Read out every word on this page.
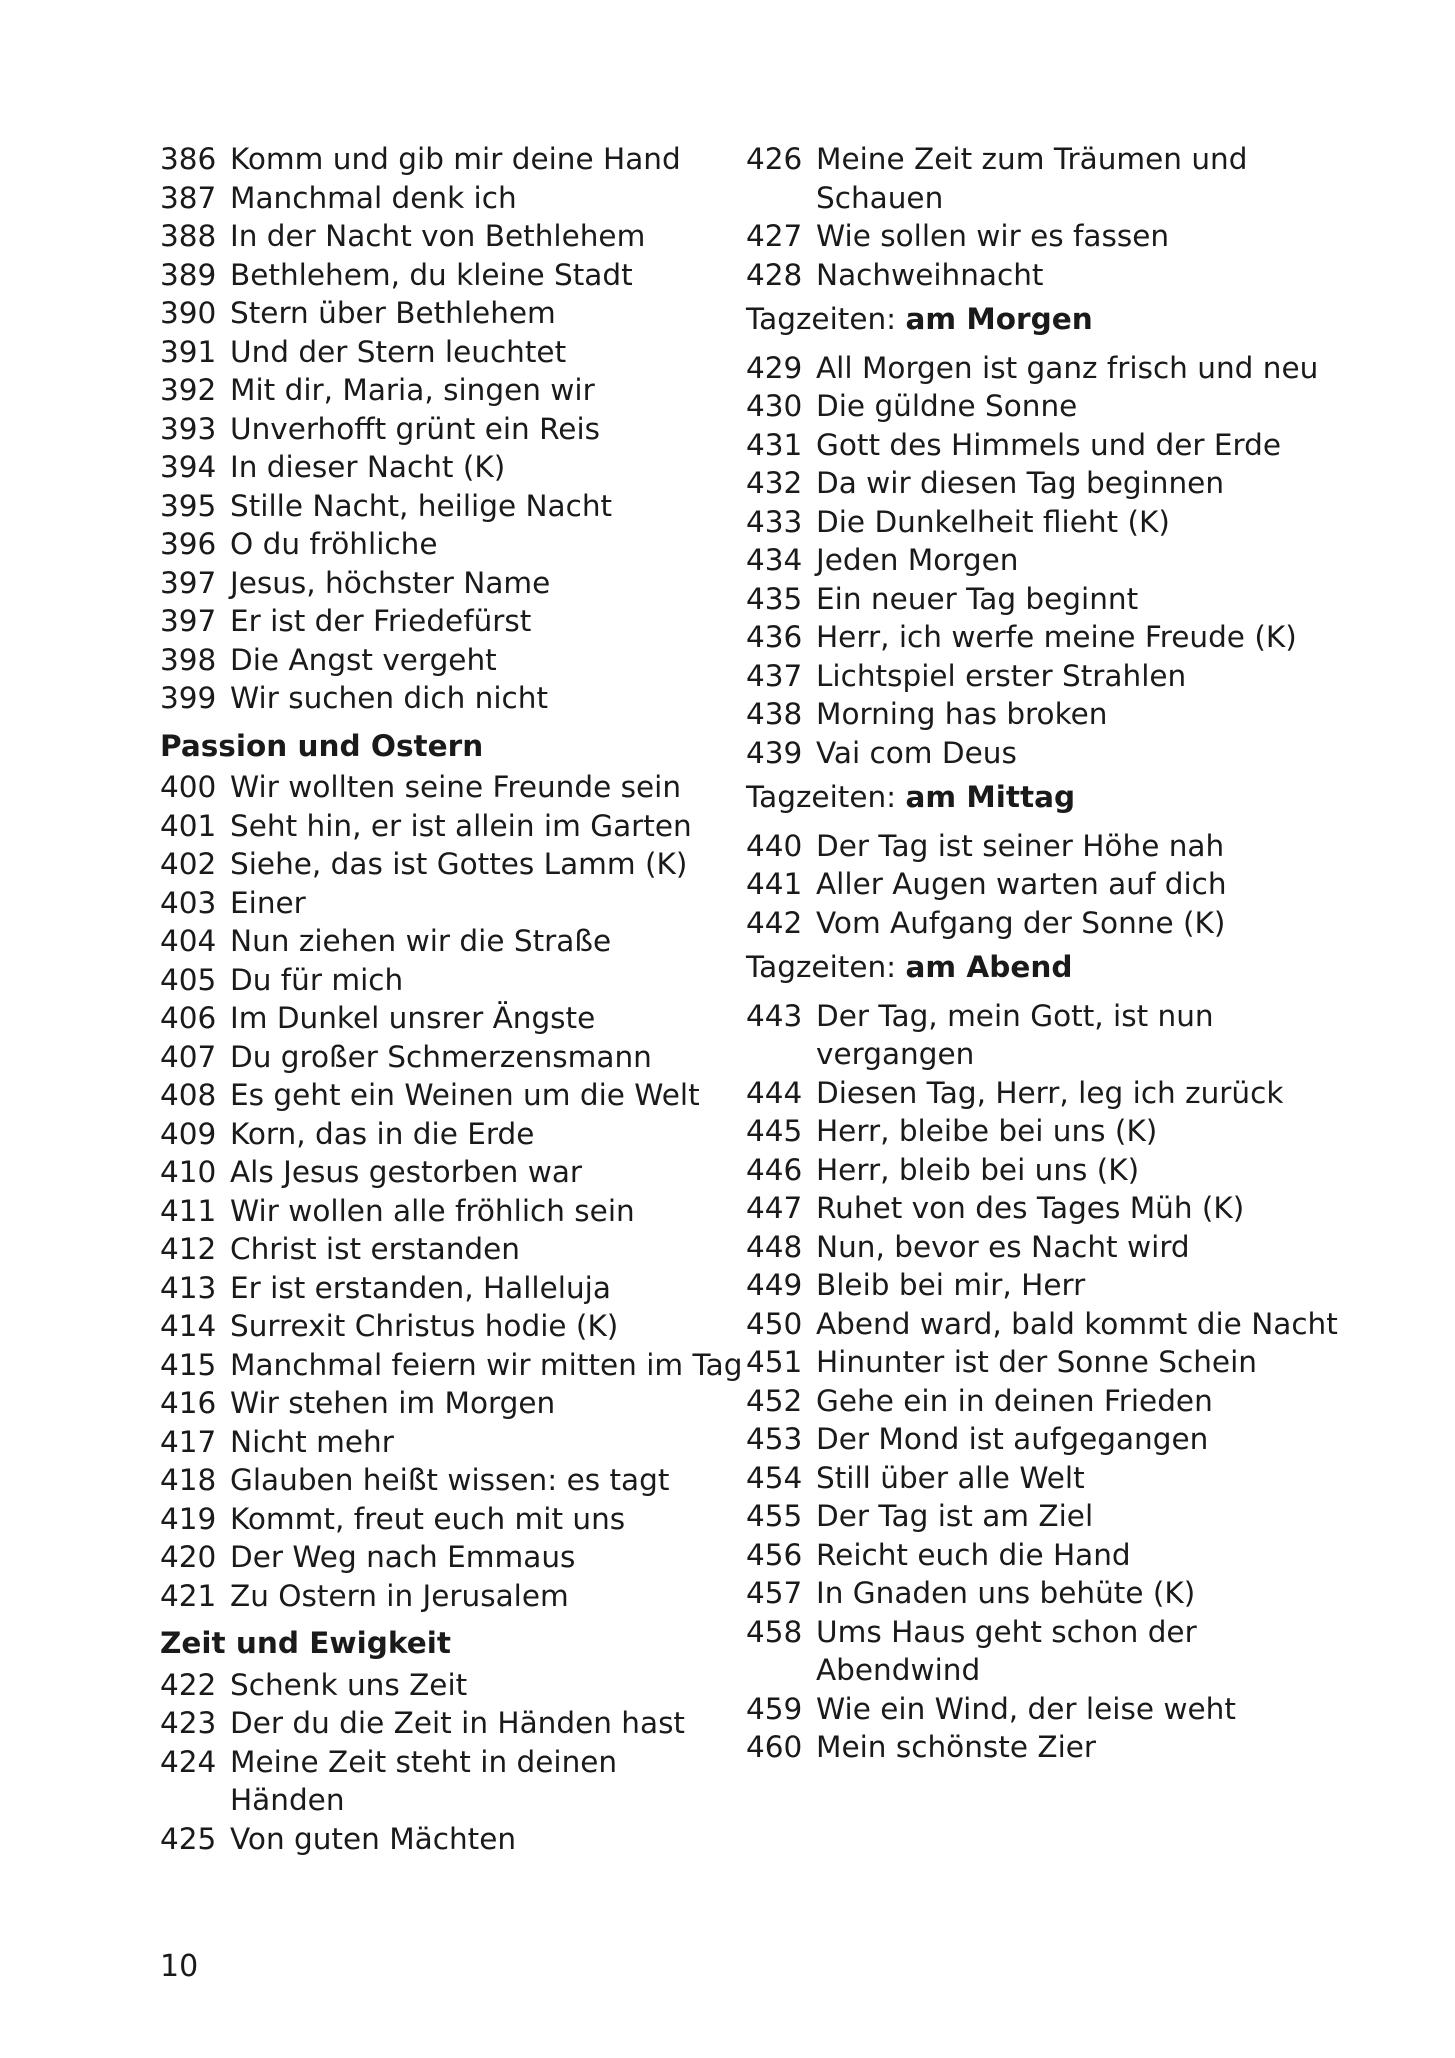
386 Komm und gib mir deine Hand
387 Manchmal denk ich
388 In der Nacht von Bethlehem
389 Bethlehem, du kleine Stadt
390 Stern über Bethlehem
391 Und der Stern leuchtet
392 Mit dir, Maria, singen wir
393 Unverhofft grünt ein Reis
394 In dieser Nacht (K)
395 Stille Nacht, heilige Nacht
396 O du fröhliche
397 Jesus, höchster Name
397 Er ist der Friedefürst
398 Die Angst vergeht
399 Wir suchen dich nicht
Passion und Ostern
400 Wir wollten seine Freunde sein
401 Seht hin, er ist allein im Garten
402 Siehe, das ist Gottes Lamm (K)
403 Einer
404 Nun ziehen wir die Straße
405 Du für mich
406 Im Dunkel unsrer Ängste
407 Du großer Schmerzensmann
408 Es geht ein Weinen um die Welt
409 Korn, das in die Erde
410 Als Jesus gestorben war
411 Wir wollen alle fröhlich sein
412 Christ ist erstanden
413 Er ist erstanden, Halleluja
414 Surrexit Christus hodie (K)
415 Manchmal feiern wir mitten im Tag
416 Wir stehen im Morgen
417 Nicht mehr
418 Glauben heißt wissen: es tagt
419 Kommt, freut euch mit uns
420 Der Weg nach Emmaus
421 Zu Ostern in Jerusalem
Zeit und Ewigkeit
422 Schenk uns Zeit
423 Der du die Zeit in Händen hast
424 Meine Zeit steht in deinen Händen
425 Von guten Mächten
426 Meine Zeit zum Träumen und Schauen
427 Wie sollen wir es fassen
428 Nachweihnacht
Tagzeiten: am Morgen
429 All Morgen ist ganz frisch und neu
430 Die güldne Sonne
431 Gott des Himmels und der Erde
432 Da wir diesen Tag beginnen
433 Die Dunkelheit flieht (K)
434 Jeden Morgen
435 Ein neuer Tag beginnt
436 Herr, ich werfe meine Freude (K)
437 Lichtspiel erster Strahlen
438 Morning has broken
439 Vai com Deus
Tagzeiten: am Mittag
440 Der Tag ist seiner Höhe nah
441 Aller Augen warten auf dich
442 Vom Aufgang der Sonne (K)
Tagzeiten: am Abend
443 Der Tag, mein Gott, ist nun vergangen
444 Diesen Tag, Herr, leg ich zurück
445 Herr, bleibe bei uns (K)
446 Herr, bleib bei uns (K)
447 Ruhet von des Tages Müh (K)
448 Nun, bevor es Nacht wird
449 Bleib bei mir, Herr
450 Abend ward, bald kommt die Nacht
451 Hinunter ist der Sonne Schein
452 Gehe ein in deinen Frieden
453 Der Mond ist aufgegangen
454 Still über alle Welt
455 Der Tag ist am Ziel
456 Reicht euch die Hand
457 In Gnaden uns behüte (K)
458 Ums Haus geht schon der Abendwind
459 Wie ein Wind, der leise weht
460 Mein schönste Zier
10
